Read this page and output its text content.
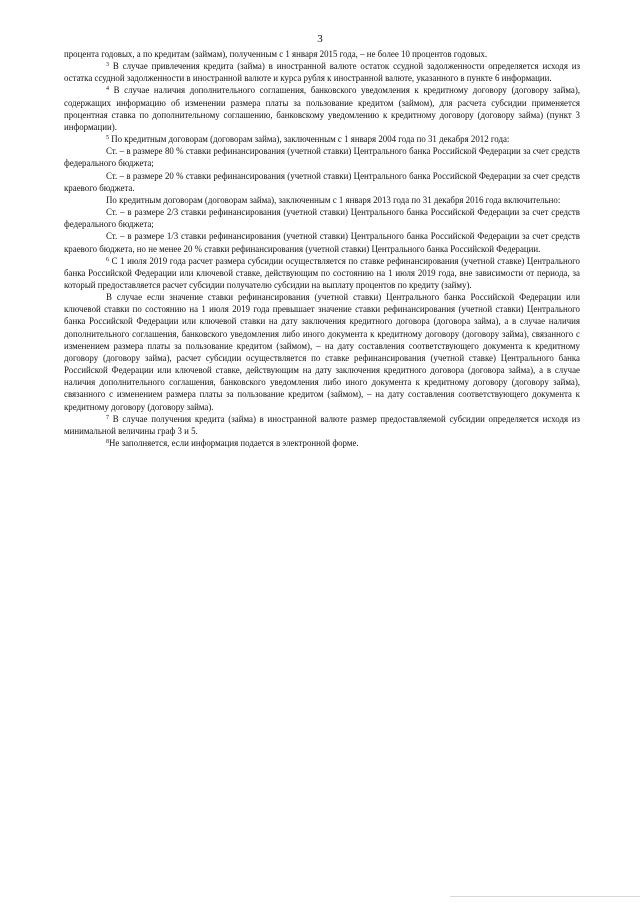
3

процента годовых, а по кредитам (займам), полученным с 1 января 2015 года, – не более 10 процентов годовых.

$^3$ В случае привлечения кредита (займа) в иностранной валюте остаток ссудной задолженности определяется исходя из остатка ссудной задолженности в иностранной валюте и курса рубля к иностранной валюте, указанного в пункте 6 информации.

$^4$ В случае наличия дополнительного соглашения, банковского уведомления к кредитному договору (договору займа), содержащих информацию об изменении размера платы за пользование кредитом (займом), для расчета субсидии применяется процентная ставка по дополнительному соглашению, банковскому уведомлению к кредитному договору (договору займа) (пункт 3 информации).

$^5$ По кредитным договорам (договорам займа), заключенным с 1 января 2004 года по 31 декабря 2012 года:

Ст. – в размере 80 % ставки рефинансирования (учетной ставки) Центрального банка Российской Федерации за счет средств федерального бюджета;

Ст. – в размере 20 % ставки рефинансирования (учетной ставки) Центрального банка Российской Федерации за счет средств краевого бюджета.

По кредитным договорам (договорам займа), заключенным с 1 января 2013 года по 31 декабря 2016 года включительно:

Ст. – в размере 2/3 ставки рефинансирования (учетной ставки) Центрального банка Российской Федерации за счет средств федерального бюджета;

Ст. – в размере 1/3 ставки рефинансирования (учетной ставки) Центрального банка Российской Федерации за счет средств краевого бюджета, но не менее 20 % ставки рефинансирования (учетной ставки) Центрального банка Российской Федерации.

$^6$ С 1 июля 2019 года расчет размера субсидии осуществляется по ставке рефинансирования (учетной ставке) Центрального банка Российской Федерации или ключевой ставке, действующим по состоянию на 1 июля 2019 года, вне зависимости от периода, за который предоставляется расчет субсидии получателю субсидии на выплату процентов по кредиту (займу).

В случае если значение ставки рефинансирования (учетной ставки) Центрального банка Российской Федерации или ключевой ставки по состоянию на 1 июля 2019 года превышает значение ставки рефинансирования (учетной ставки) Центрального банка Российской Федерации или ключевой ставки на дату заключения кредитного договора (договора займа), а в случае наличия дополнительного соглашения, банковского уведомления либо иного документа к кредитному договору (договору займа), связанного с изменением размера платы за пользование кредитом (займом), – на дату составления соответствующего документа к кредитному договору (договору займа), расчет субсидии осуществляется по ставке рефинансирования (учетной ставке) Центрального банка Российской Федерации или ключевой ставке, действующим на дату заключения кредитного договора (договора займа), а в случае наличия дополнительного соглашения, банковского уведомления либо иного документа к кредитному договору (договору займа), связанного с изменением размера платы за пользование кредитом (займом), – на дату составления соответствующего документа к кредитному договору (договору займа).

$^7$ В случае получения кредита (займа) в иностранной валюте размер предоставляемой субсидии определяется исходя из минимальной величины граф 3 и 5.

$^8$Не заполняется, если информация подается в электронной форме.
